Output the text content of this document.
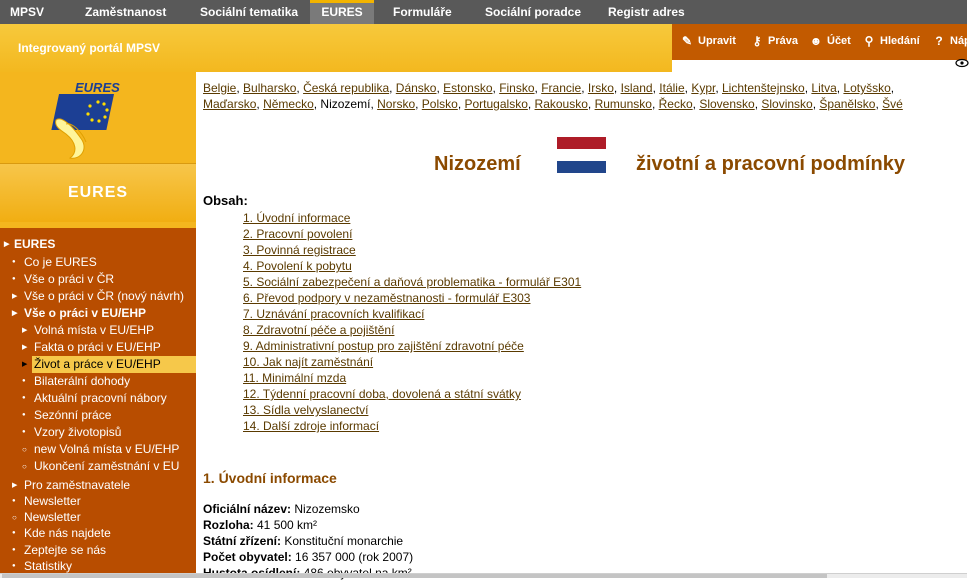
MPSV	Zaměstnanost	Sociální tematika	EURES	Formuláře	Sociální poradce Registr adres
Integrovaný portál MPSV	✎ Upravit ⚷ Práva ☻ Účet ⚲ Hledání ? Náp
EURES
EURES
▶ EURES
● Co je EURES
● Vše o práci v ČR
▶ Vše o práci v ČR (nový návrh)
▶ Vše o práci v EU/EHP
▶ Volná místa v EU/EHP
▶ Fakta o práci v EU/EHP
▶ Život a práce v EU/EHP
● Bilaterální dohody
● Aktuální pracovní nábory
● Sezónní práce
● Vzory životopisů
○ new Volná místa v EU/EHP
○ Ukončení zaměstnání v EU
▶ Pro zaměstnavatele
● Newsletter
○ Newsletter
● Kde nás najdete
● Zeptejte se nás
● Statistiky
Belgie, Bulharsko, Česká republika, Dánsko, Estonsko, Finsko, Francie, Irsko, Island, Itálie, Kypr, Lichtenštejnsko, Litva, Lotyšsko,
Maďarsko, Německo, Nizozemí, Norsko, Polsko, Portugalsko, Rakousko, Rumunsko, Řecko, Slovensko, Slovinsko, Španělsko, Švé
Nizozemí	životní a pracovní podmínky
Obsah:
1. Úvodní informace
2. Pracovní povolení
3. Povinná registrace
4. Povolení k pobytu
5. Sociální zabezpečení a daňová problematika - formulář E301
6. Převod podpory v nezaměstnanosti - formulář E303
7. Uznávání pracovních kvalifikací
8. Zdravotní péče a pojištění
9. Administrativní postup pro zajištění zdravotní péče
10. Jak najít zaměstnání
11. Minimální mzda
12. Týdenní pracovní doba, dovolená a státní svátky
13. Sídla velvyslanectví
14. Další zdroje informací
1. Úvodní informace
Oficiální název: Nizozemsko
Rozloha: 41 500 km²
Státní zřízení: Konstituční monarchie
Počet obyvatel: 16 357 000 (rok 2007)
